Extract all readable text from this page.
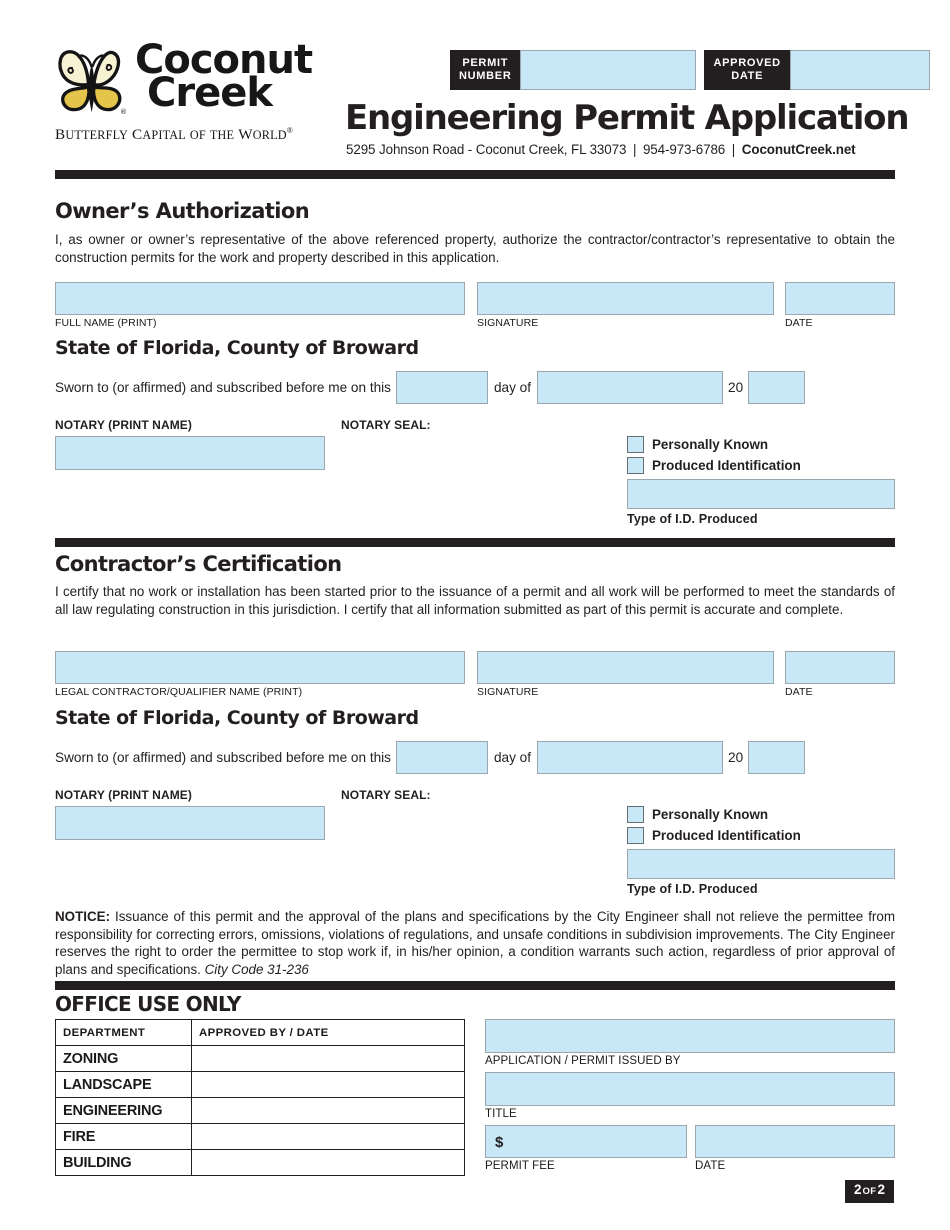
®
Coconut
Creek
BUTTERFLY CAPITAL OF THE WORLD®
PERMIT
NUMBER
APPROVED
DATE
Engineering Permit Application
5295 Johnson Road - Coconut Creek, FL 33073 | 954-973-6786 | CoconutCreek.net
Owner’s Authorization
I, as owner or owner’s representative of the above referenced property, authorize the contractor/contractor’s representative to obtain the construction permits for the work and property described in this application.
FULL NAME (PRINT)	SIGNATURE	DATE
State of Florida, County of Broward
Sworn to (or affirmed) and subscribed before me on this	day of	20
NOTARY (PRINT NAME)	NOTARY SEAL:
Personally Known
Produced Identification
Type of I.D. Produced
Contractor’s Certification
I certify that no work or installation has been started prior to the issuance of a permit and all work will be performed to meet the standards of all law regulating construction in this jurisdiction. I certify that all information submitted as part of this permit is accurate and complete.
LEGAL CONTRACTOR/QUALIFIER NAME (PRINT)	SIGNATURE	DATE
State of Florida, County of Broward
Sworn to (or affirmed) and subscribed before me on this	day of	20
NOTARY (PRINT NAME)	NOTARY SEAL:
Personally Known
Produced Identification
Type of I.D. Produced
NOTICE: Issuance of this permit and the approval of the plans and specifications by the City Engineer shall not relieve the permittee from responsibility for correcting errors, omissions, violations of regulations, and unsafe conditions in subdivision improvements. The City Engineer reserves the right to order the permittee to stop work if, in his/her opinion, a condition warrants such action, regardless of prior approval of plans and specifications. City Code 31-236
OFFICE USE ONLY
DEPARTMENT	APPROVED BY / DATE
ZONING	
LANDSCAPE	
ENGINEERING	
FIRE	
BUILDING	
APPLICATION / PERMIT ISSUED BY
TITLE
$
PERMIT FEE	DATE
2OF2
